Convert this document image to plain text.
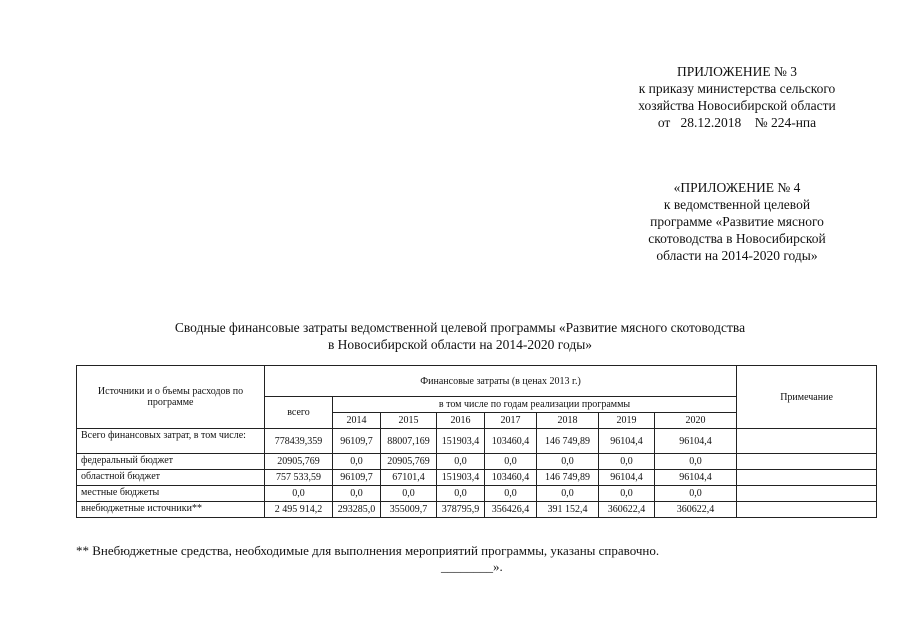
ПРИЛОЖЕНИЕ № 3
к приказу министерства сельского
хозяйства Новосибирской области
от   28.12.2018    № 224-нпа
«ПРИЛОЖЕНИЕ № 4
к ведомственной целевой
программе «Развитие мясного
скотоводства в Новосибирской
области на 2014-2020 годы»
Сводные финансовые затраты ведомственной целевой программы «Развитие мясного скотоводства
в Новосибирской области на 2014-2020 годы»
Источники и о бъемы расходов по программе	Финансовые затраты (в ценах 2013 г.)								Примечание
	всего	в том числе по годам реализации программы							
		2014	2015	2016	2017	2018	2019	2020	
Всего финансовых затрат, в том числе:	778439,359	96109,7	88007,169	151903,4	103460,4	146 749,89	96104,4	96104,4	
федеральный бюджет	20905,769	0,0	20905,769	0,0	0,0	0,0	0,0	0,0	
областной бюджет	757 533,59	96109,7	67101,4	151903,4	103460,4	146 749,89	96104,4	96104,4	
местные бюджеты	0,0	0,0	0,0	0,0	0,0	0,0	0,0	0,0	
внебюджетные источники**	2 495 914,2	293285,0	355009,7	378795,9	356426,4	391 152,4	360622,4	360622,4	
** Внебюджетные средства, необходимые для выполнения мероприятий программы, указаны справочно.
________».
